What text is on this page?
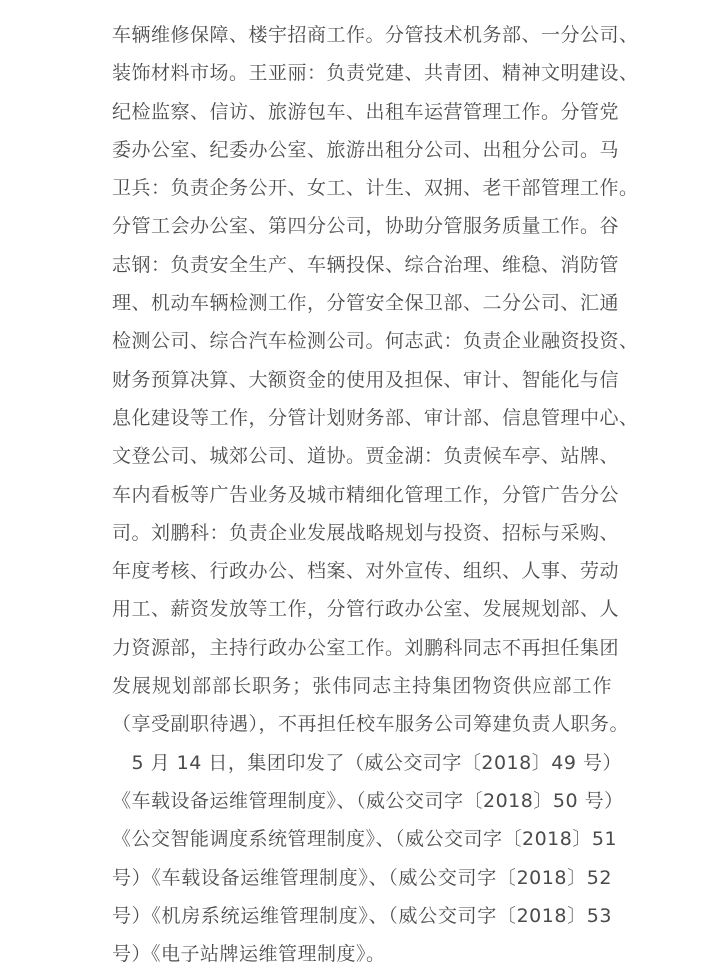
车辆维修保障、楼宇招商工作。分管技术机务部、一分公司、
装饰材料市场。王亚丽：负责党建、共青团、精神文明建设、
纪检监察、信访、旅游包车、出租车运营管理工作。分管党
委办公室、纪委办公室、旅游出租分公司、出租分公司。马
卫兵：负责企务公开、女工、计生、双拥、老干部管理工作。
分管工会办公室、第四分公司，协助分管服务质量工作。谷
志钢：负责安全生产、车辆投保、综合治理、维稳、消防管
理、机动车辆检测工作，分管安全保卫部、二分公司、汇通
检测公司、综合汽车检测公司。何志武：负责企业融资投资、
财务预算决算、大额资金的使用及担保、审计、智能化与信
息化建设等工作，分管计划财务部、审计部、信息管理中心、
文登公司、城郊公司、道协。贾金湖：负责候车亭、站牌、
车内看板等广告业务及城市精细化管理工作，分管广告分公
司。刘鹏科：负责企业发展战略规划与投资、招标与采购、
年度考核、行政办公、档案、对外宣传、组织、人事、劳动
用工、薪资发放等工作，分管行政办公室、发展规划部、人
力资源部，主持行政办公室工作。刘鹏科同志不再担任集团
发展规划部部长职务；张伟同志主持集团物资供应部工作
（享受副职待遇），不再担任校车服务公司筹建负责人职务。
　5 月 14 日，集团印发了（威公交司字〔2018〕49 号）
《车载设备运维管理制度》、（威公交司字〔2018〕50 号）
《公交智能调度系统管理制度》、（威公交司字〔2018〕51
号）《车载设备运维管理制度》、（威公交司字〔2018〕52
号）《机房系统运维管理制度》、（威公交司字〔2018〕53
号）《电子站牌运维管理制度》。
